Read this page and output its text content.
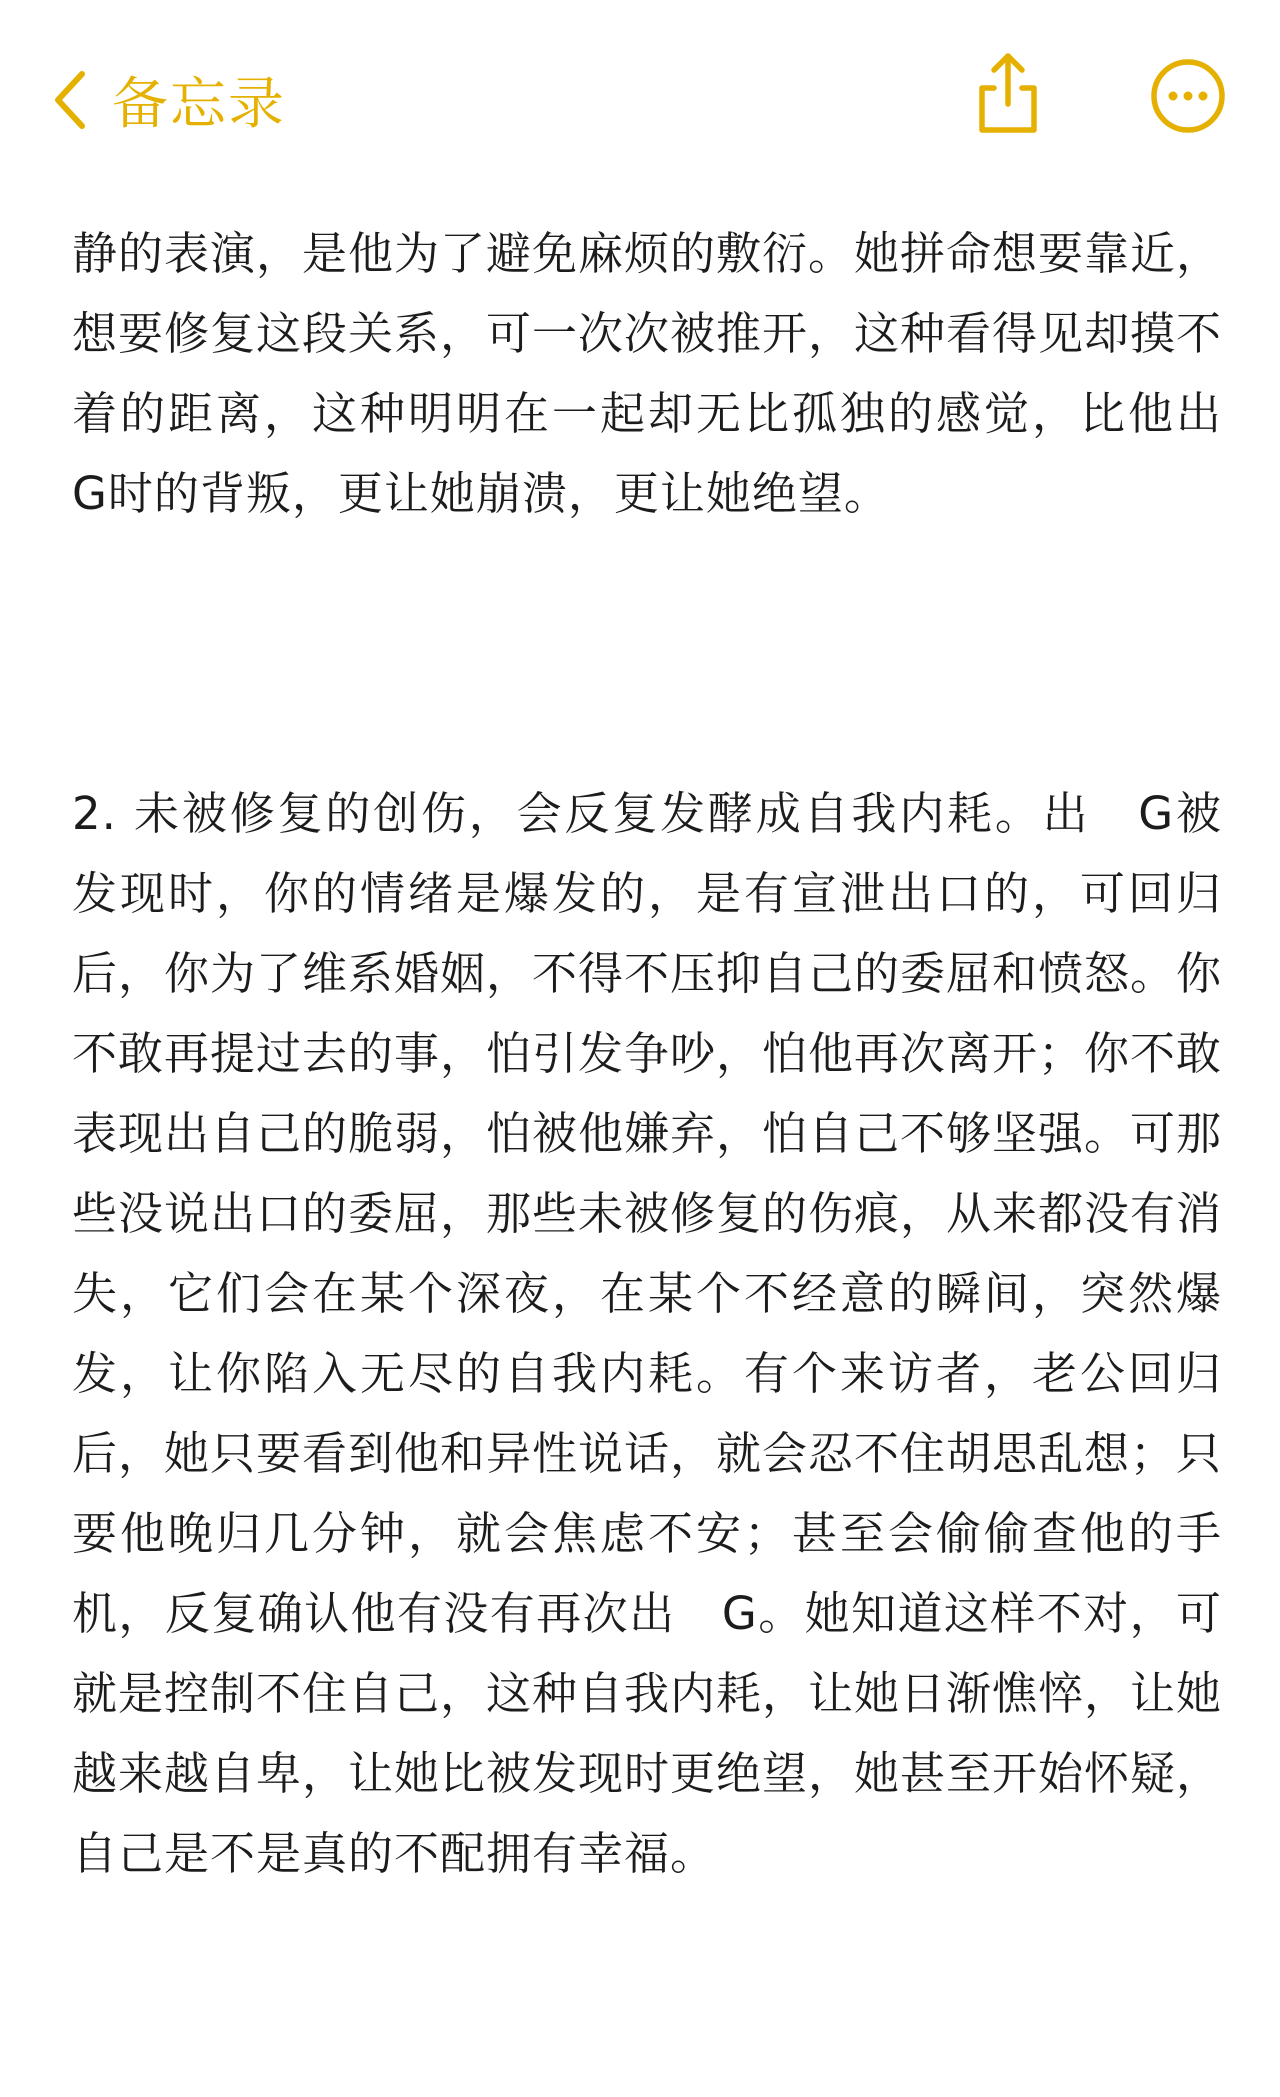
备忘录

静的表演，是他为了避免麻烦的敷衍。她拼命想要靠近，想要修复这段关系，可一次次被推开，这种看得见却摸不着的距离，这种明明在一起却无比孤独的感觉，比他出　G时的背叛，更让她崩溃，更让她绝望。

2. 未被修复的创伤，会反复发酵成自我内耗。出　G被发现时，你的情绪是爆发的，是有宣泄出口的，可回归后，你为了维系婚姻，不得不压抑自己的委屈和愤怒。你不敢再提过去的事，怕引发争吵，怕他再次离开；你不敢表现出自己的脆弱，怕被他嫌弃，怕自己不够坚强。可那些没说出口的委屈，那些未被修复的伤痕，从来都没有消失，它们会在某个深夜，在某个不经意的瞬间，突然爆发，让你陷入无尽的自我内耗。有个来访者，老公回归后，她只要看到他和异性说话，就会忍不住胡思乱想；只要他晚归几分钟，就会焦虑不安；甚至会偷偷查他的手机，反复确认他有没有再次出　G。她知道这样不对，可就是控制不住自己，这种自我内耗，让她日渐憔悴，让她越来越自卑，让她比被发现时更绝望，她甚至开始怀疑，自己是不是真的不配拥有幸福。
